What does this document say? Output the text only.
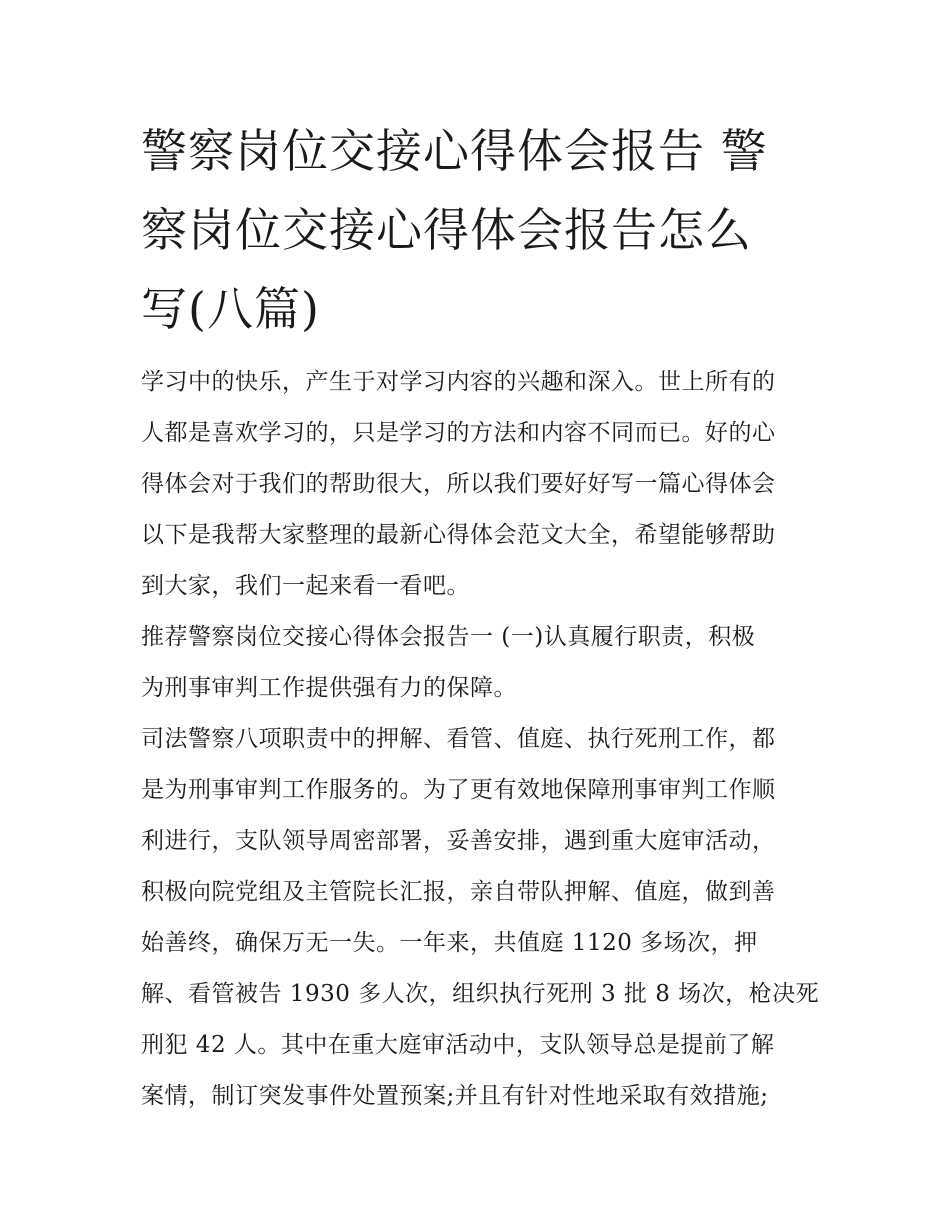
警察岗位交接心得体会报告 警
察岗位交接心得体会报告怎么
写(八篇)
学习中的快乐，产生于对学习内容的兴趣和深入。世上所有的
人都是喜欢学习的，只是学习的方法和内容不同而已。好的心
得体会对于我们的帮助很大，所以我们要好好写一篇心得体会
以下是我帮大家整理的最新心得体会范文大全，希望能够帮助
到大家，我们一起来看一看吧。
推荐警察岗位交接心得体会报告一 (一)认真履行职责，积极
为刑事审判工作提供强有力的保障。
司法警察八项职责中的押解、看管、值庭、执行死刑工作，都
是为刑事审判工作服务的。为了更有效地保障刑事审判工作顺
利进行，支队领导周密部署，妥善安排，遇到重大庭审活动，
积极向院党组及主管院长汇报，亲自带队押解、值庭，做到善
始善终，确保万无一失。一年来，共值庭 1120 多场次，押
解、看管被告 1930 多人次，组织执行死刑 3 批 8 场次，枪决死
刑犯 42 人。其中在重大庭审活动中，支队领导总是提前了解
案情，制订突发事件处置预案;并且有针对性地采取有效措施;
